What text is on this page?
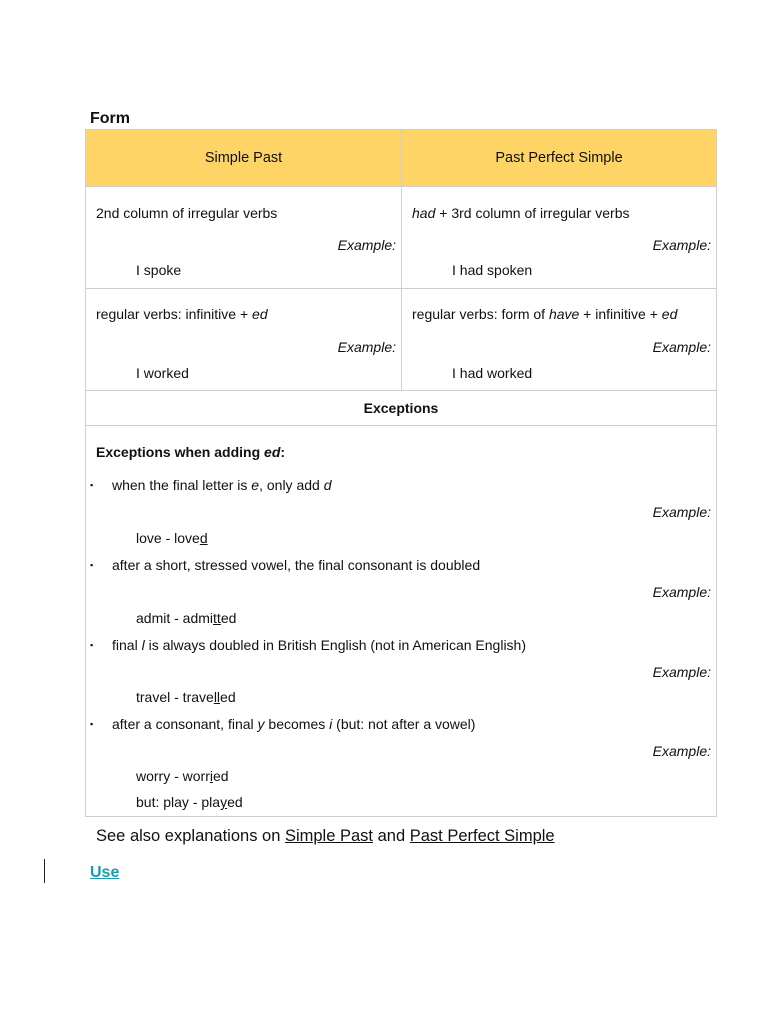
Form
Simple Past	Past Perfect Simple
2nd column of irregular verbs
Example:
I spoke
had + 3rd column of irregular verbs
Example:
I had spoken
regular verbs: infinitive + ed
Example:
I worked
regular verbs: form of have + infinitive + ed
Example:
I had worked
Exceptions
Exceptions when adding ed:
▪ when the final letter is e, only add d
Example:
love - loved
▪ after a short, stressed vowel, the final consonant is doubled
Example:
admit - admitted
▪ final l is always doubled in British English (not in American English)
Example:
travel - travelled
▪ after a consonant, final y becomes i (but: not after a vowel)
Example:
worry - worried
but: play - played
See also explanations on Simple Past and Past Perfect Simple
Use
